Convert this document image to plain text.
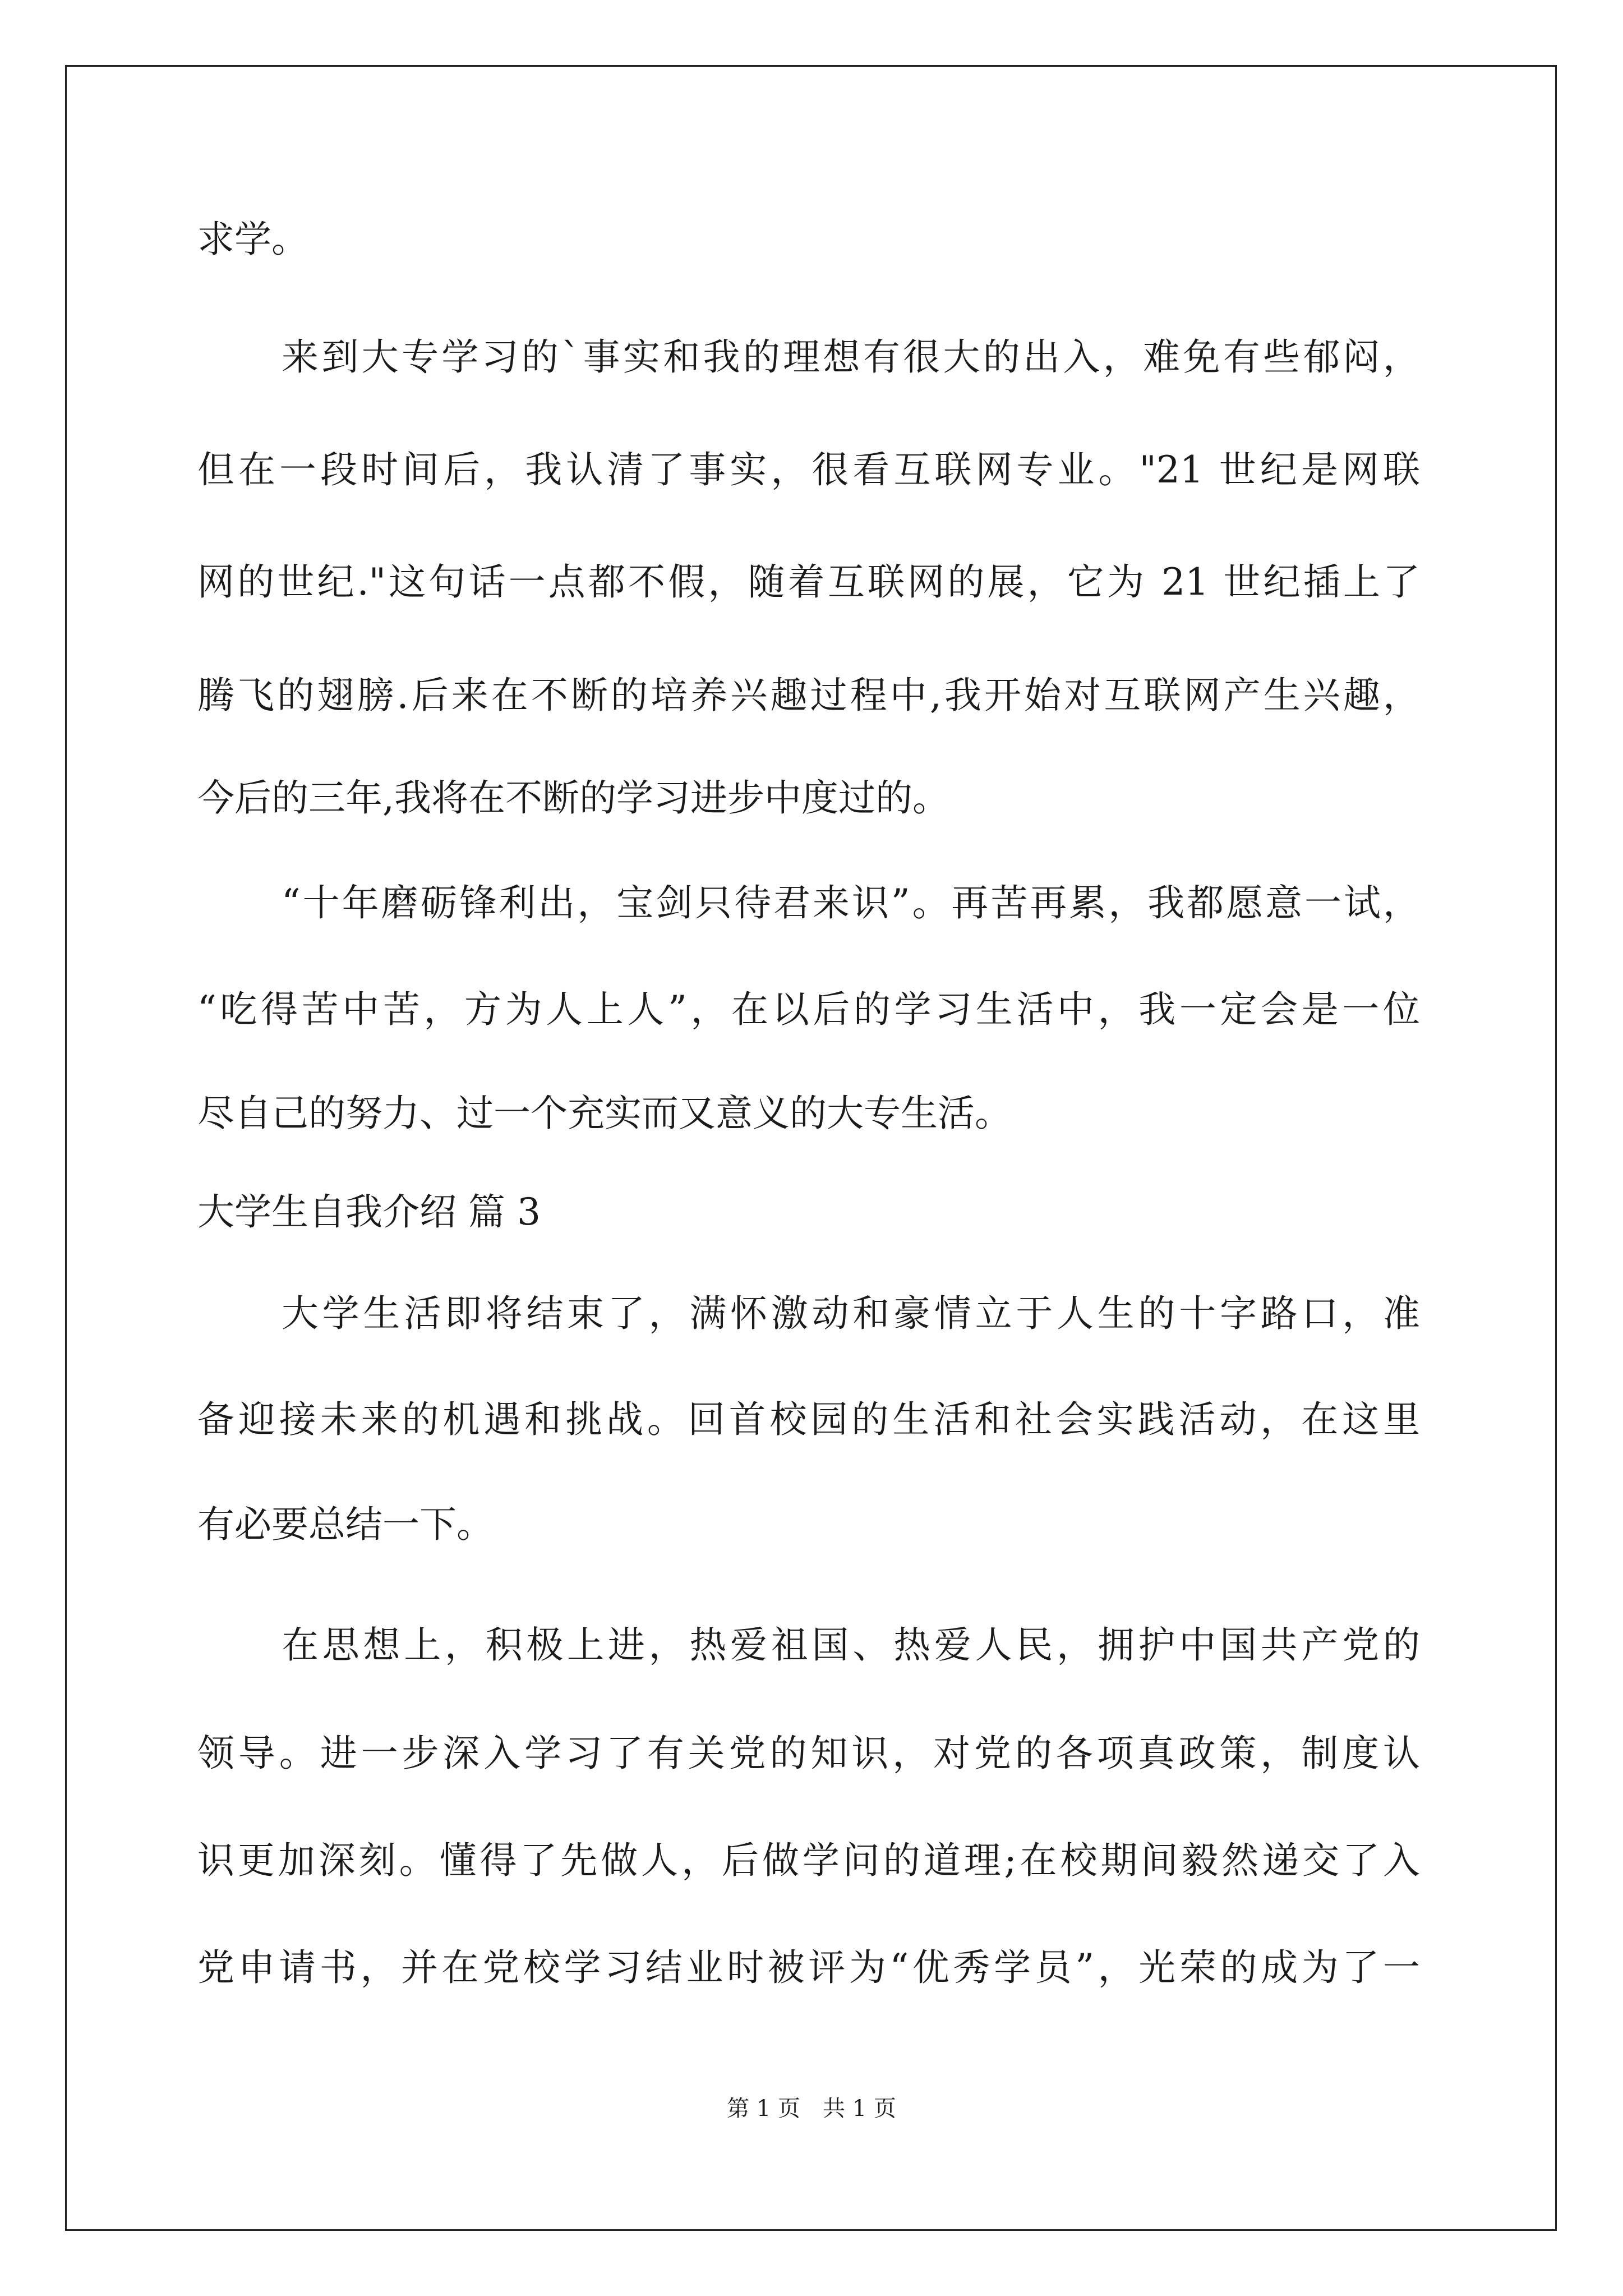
求学。

来到大专学习的`事实和我的理想有很大的出入，难免有些郁闷，

但在一段时间后，我认清了事实，很看互联网专业。"21 世纪是网联

网的世纪."这句话一点都不假，随着互联网的展，它为 21 世纪插上了

腾飞的翅膀.后来在不断的培养兴趣过程中,我开始对互联网产生兴趣，

今后的三年,我将在不断的学习进步中度过的。

“十年磨砺锋利出，宝剑只待君来识”。再苦再累，我都愿意一试，

“吃得苦中苦，方为人上人”，在以后的学习生活中，我一定会是一位

尽自己的努力、过一个充实而又意义的大专生活。

大学生自我介绍 篇 3

大学生活即将结束了，满怀激动和豪情立于人生的十字路口，准

备迎接未来的机遇和挑战。回首校园的生活和社会实践活动，在这里

有必要总结一下。

在思想上，积极上进，热爱祖国、热爱人民，拥护中国共产党的

领导。进一步深入学习了有关党的知识，对党的各项真政策，制度认

识更加深刻。懂得了先做人，后做学问的道理;在校期间毅然递交了入

党申请书，并在党校学习结业时被评为“优秀学员”，光荣的成为了一

第 1 页 共 1 页
